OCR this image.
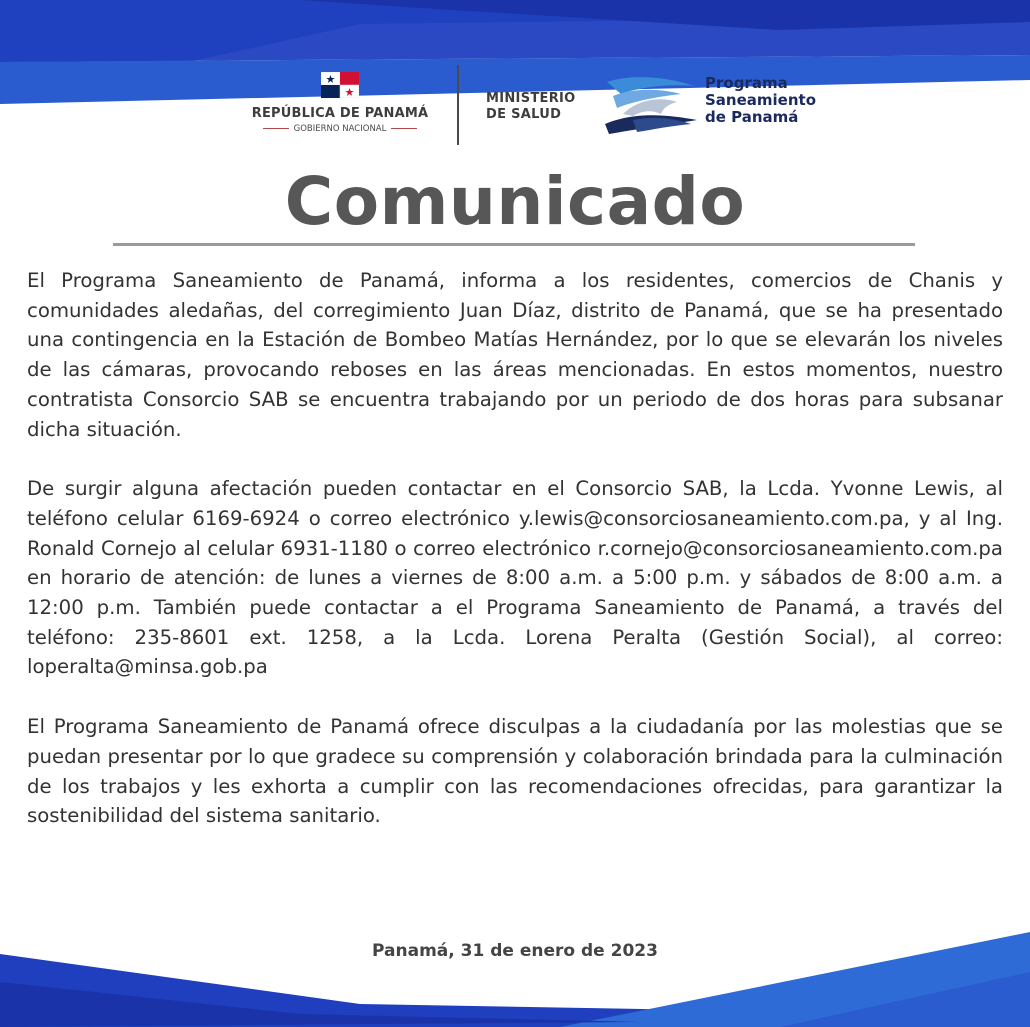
REPÚBLICA DE PANAMÁ
GOBIERNO NACIONAL
MINISTERIO
DE SALUD
Programa
Saneamiento
de Panamá
Comunicado

El Programa Saneamiento de Panamá, informa a los residentes, comercios de Chanis y comunidades aledañas, del corregimiento Juan Díaz, distrito de Panamá, que se ha presentado una contingencia en la Estación de Bombeo Matías Hernández, por lo que se elevarán los niveles de las cámaras, provocando reboses en las áreas mencionadas. En estos momentos, nuestro contratista Consorcio SAB se encuentra trabajando por un periodo de dos horas para subsanar dicha situación.

De surgir alguna afectación pueden contactar en el Consorcio SAB, la Lcda. Yvonne Lewis, al teléfono celular 6169-6924 o correo electrónico y.lewis@consorciosaneamiento.com.pa, y al Ing. Ronald Cornejo al celular 6931-1180 o correo electrónico r.cornejo@consorciosaneamiento.com.pa en horario de atención: de lunes a viernes de 8:00 a.m. a 5:00 p.m. y sábados de 8:00 a.m. a 12:00 p.m. También puede contactar a el Programa Saneamiento de Panamá, a través del teléfono: 235-8601 ext. 1258, a la Lcda. Lorena Peralta (Gestión Social), al correo: loperalta@minsa.gob.pa

El Programa Saneamiento de Panamá ofrece disculpas a la ciudadanía por las molestias que se puedan presentar por lo que gradece su comprensión y colaboración brindada para la culminación de los trabajos y les exhorta a cumplir con las recomendaciones ofrecidas, para garantizar la sostenibilidad del sistema sanitario.

Panamá, 31 de enero de 2023
